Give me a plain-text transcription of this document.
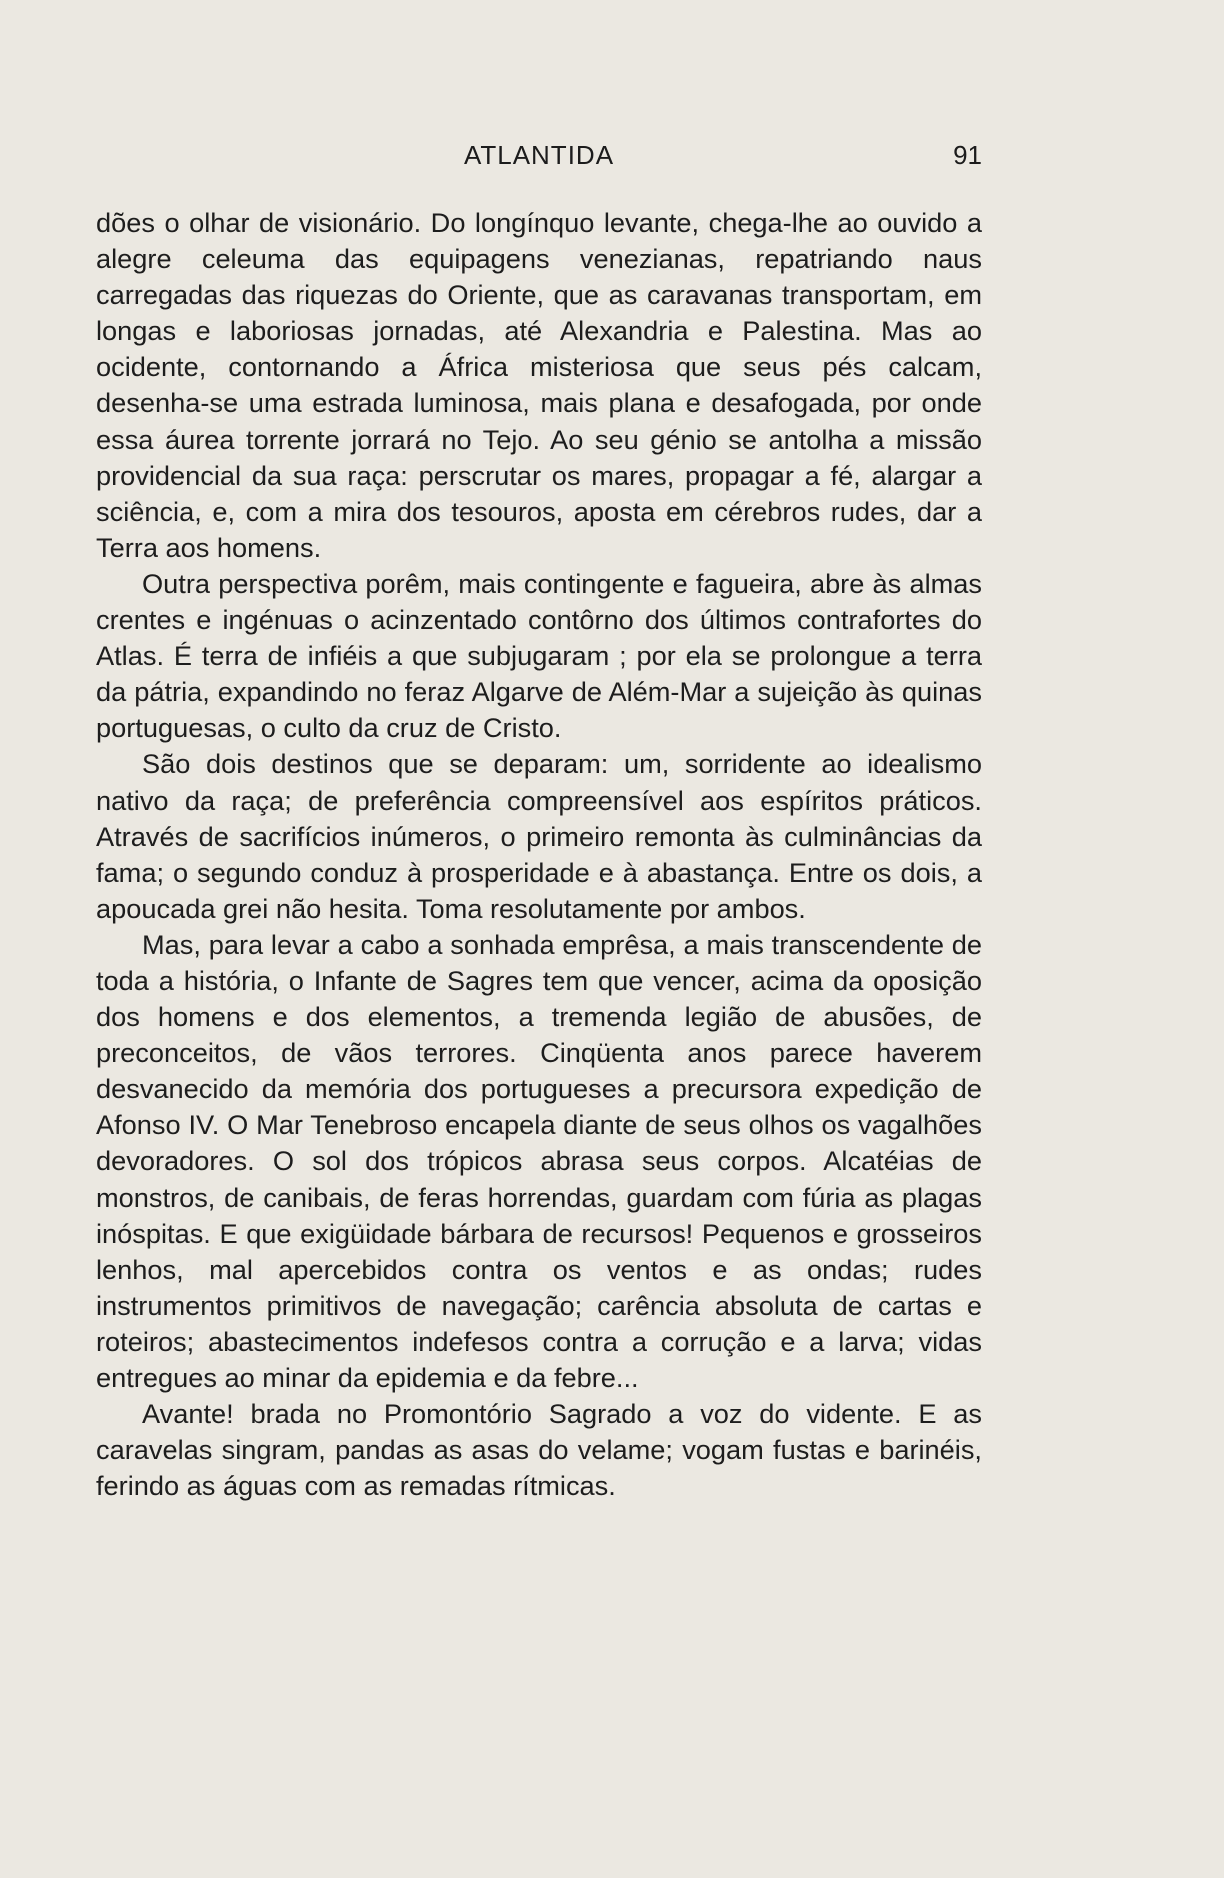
ATLANTIDA	91

dões o olhar de visionário. Do longínquo levante, chega-lhe ao ouvido a alegre celeuma das equipagens venezianas, repatriando naus carregadas das riquezas do Oriente, que as caravanas transportam, em longas e laboriosas jornadas, até Alexandria e Palestina. Mas ao ocidente, contornando a África misteriosa que seus pés calcam, desenha-se uma estrada luminosa, mais plana e desafogada, por onde essa áurea torrente jorrará no Tejo. Ao seu génio se antolha a missão providencial da sua raça: perscrutar os mares, propagar a fé, alargar a sciência, e, com a mira dos tesouros, aposta em cérebros rudes, dar a Terra aos homens.

Outra perspectiva porêm, mais contingente e fagueira, abre às almas crentes e ingénuas o acinzentado contôrno dos últimos contrafortes do Atlas. É terra de infiéis a que subjugaram ; por ela se prolongue a terra da pátria, expandindo no feraz Algarve de Além-Mar a sujeição às quinas portuguesas, o culto da cruz de Cristo.

São dois destinos que se deparam: um, sorridente ao idealismo nativo da raça; de preferência compreensível aos espíritos práticos. Através de sacrifícios inúmeros, o primeiro remonta às culminâncias da fama; o segundo conduz à prosperidade e à abastança. Entre os dois, a apoucada grei não hesita. Toma resolutamente por ambos.

Mas, para levar a cabo a sonhada emprêsa, a mais transcendente de toda a história, o Infante de Sagres tem que vencer, acima da oposição dos homens e dos elementos, a tremenda legião de abusões, de preconceitos, de vãos terrores. Cinqüenta anos parece haverem desvanecido da memória dos portugueses a precursora expedição de Afonso IV. O Mar Tenebroso encapela diante de seus olhos os vagalhões devoradores. O sol dos trópicos abrasa seus corpos. Alcatéias de monstros, de canibais, de feras horrendas, guardam com fúria as plagas inóspitas. E que exigüidade bárbara de recursos! Pequenos e grosseiros lenhos, mal apercebidos contra os ventos e as ondas; rudes instrumentos primitivos de navegação; carência absoluta de cartas e roteiros; abastecimentos indefesos contra a corrução e a larva; vidas entregues ao minar da epidemia e da febre...

Avante! brada no Promontório Sagrado a voz do vidente. E as caravelas singram, pandas as asas do velame; vogam fustas e barinéis, ferindo as águas com as remadas rítmicas.
